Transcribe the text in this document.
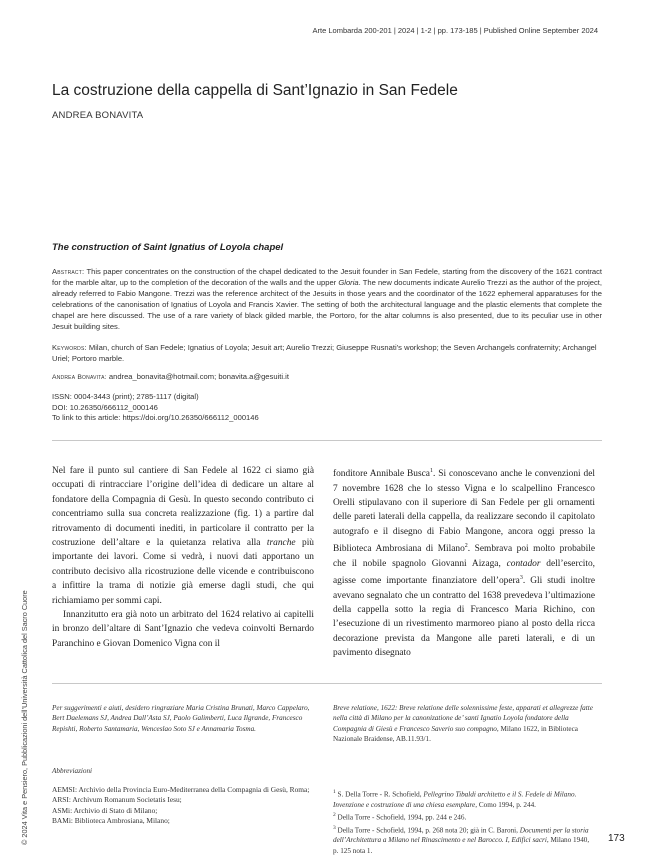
Arte Lombarda 200-201 | 2024 | 1-2 | pp. 173-185 | Published Online September 2024
La costruzione della cappella di Sant’Ignazio in San Fedele
ANDREA BONAVITA
The construction of Saint Ignatius of Loyola chapel
Abstract: This paper concentrates on the construction of the chapel dedicated to the Jesuit founder in San Fedele, starting from the discovery of the 1621 contract for the marble altar, up to the completion of the decoration of the walls and the upper Gloria. The new documents indicate Aurelio Trezzi as the author of the project, already referred to Fabio Mangone. Trezzi was the reference architect of the Jesuits in those years and the coordinator of the 1622 ephemeral apparatuses for the celebrations of the canonisation of Ignatius of Loyola and Francis Xavier. The setting of both the architectural language and the plastic elements that complete the chapel are here discussed. The use of a rare variety of black gilded marble, the Portoro, for the altar columns is also presented, due to its peculiar use in other Jesuit building sites.
Keywords: Milan, church of San Fedele; Ignatius of Loyola; Jesuit art; Aurelio Trezzi; Giuseppe Rusnati’s workshop; the Seven Archangels confraternity; Archangel Uriel; Portoro marble.
Andrea Bonavita: andrea_bonavita@hotmail.com; bonavita.a@gesuiti.it
ISSN: 0004-3443 (print); 2785-1117 (digital)
DOI: 10.26350/666112_000146
To link to this article: https://doi.org/10.26350/666112_000146

Nel fare il punto sul cantiere di San Fedele al 1622 ci siamo già occupati di rintracciare l’origine dell’idea di dedicare un altare al fondatore della Compagnia di Gesù. In questo secondo contributo ci concentriamo sulla sua concreta realizzazione (fig. 1) a partire dal ritrovamento di documenti inediti, in particolare il contratto per la costruzione dell’altare e la quietanza relativa alla tranche più importante dei lavori. Come si vedrà, i nuovi dati apportano un contributo decisivo alla ricostruzione delle vicende e contribuiscono a infittire la trama di notizie già emerse dagli studi, che qui richiamiamo per sommi capi.

Innanzitutto era già noto un arbitrato del 1624 relativo ai capitelli in bronzo dell’altare di Sant’Ignazio che vedeva coinvolti Bernardo Paranchino e Giovan Domenico Vigna con il

fonditore Annibale Busca$^1$. Si conoscevano anche le convenzioni del 7 novembre 1628 che lo stesso Vigna e lo scalpellino Francesco Orelli stipulavano con il superiore di San Fedele per gli ornamenti delle pareti laterali della cappella, da realizzare secondo il capitolato autografo e il disegno di Fabio Mangone, ancora oggi presso la Biblioteca Ambrosiana di Milano$^2$. Sembrava poi molto probabile che il nobile spagnolo Giovanni Aizaga, contador dell’esercito, agisse come importante finanziatore dell’opera$^3$. Gli studi inoltre avevano segnalato che un contratto del 1638 prevedeva l’ultimazione della cappella sotto la regia di Francesco Maria Richino, con l’esecuzione di un rivestimento marmoreo piano al posto della ricca decorazione prevista da Mangone alle pareti laterali, e di un pavimento disegnato

Per suggerimenti e aiuti, desidero ringraziare Maria Cristina Brunati, Marco Cappelaro, Bert Daelemans SJ, Andrea Dall’Asta SJ, Paolo Galimberti, Luca Ilgrande, Francesco Repishti, Roberto Santamaria, Wenceslao Soto SJ e Annamaria Tosma.
Abbreviazioni
AEMSI: Archivio della Provincia Euro-Mediterranea della Compagnia di Gesù, Roma;
ARSI: Archivum Romanum Societatis Iesu;
ASMi: Archivio di Stato di Milano;
BAMi: Biblioteca Ambrosiana, Milano;
Breve relatione, 1622: Breve relatione delle solennissime feste, apparati et allegrezze fatte nella città di Milano per la canonizatione de’ santi Ignatio Loyola fondatore della Compagnia di Giesù e Francesco Saverio suo compagno, Milano 1622, in Biblioteca Nazionale Braidense, AB.11.93/1.
$^1$ S. Della Torre - R. Schofield, Pellegrino Tibaldi architetto e il S. Fedele di Milano. Invenzione e costruzione di una chiesa esemplare, Como 1994, p. 244.
$^2$ Della Torre - Schofield, 1994, pp. 244 e 246.
$^3$ Della Torre - Schofield, 1994, p. 268 nota 20; già in C. Baroni, Documenti per la storia dell’Architettura a Milano nel Rinascimento e nel Barocco. I, Edifici sacri, Milano 1940, p. 125 nota 1.
173
© 2024 Vita e Pensiero, Pubblicazioni dell’Università Cattolica del Sacro Cuore
